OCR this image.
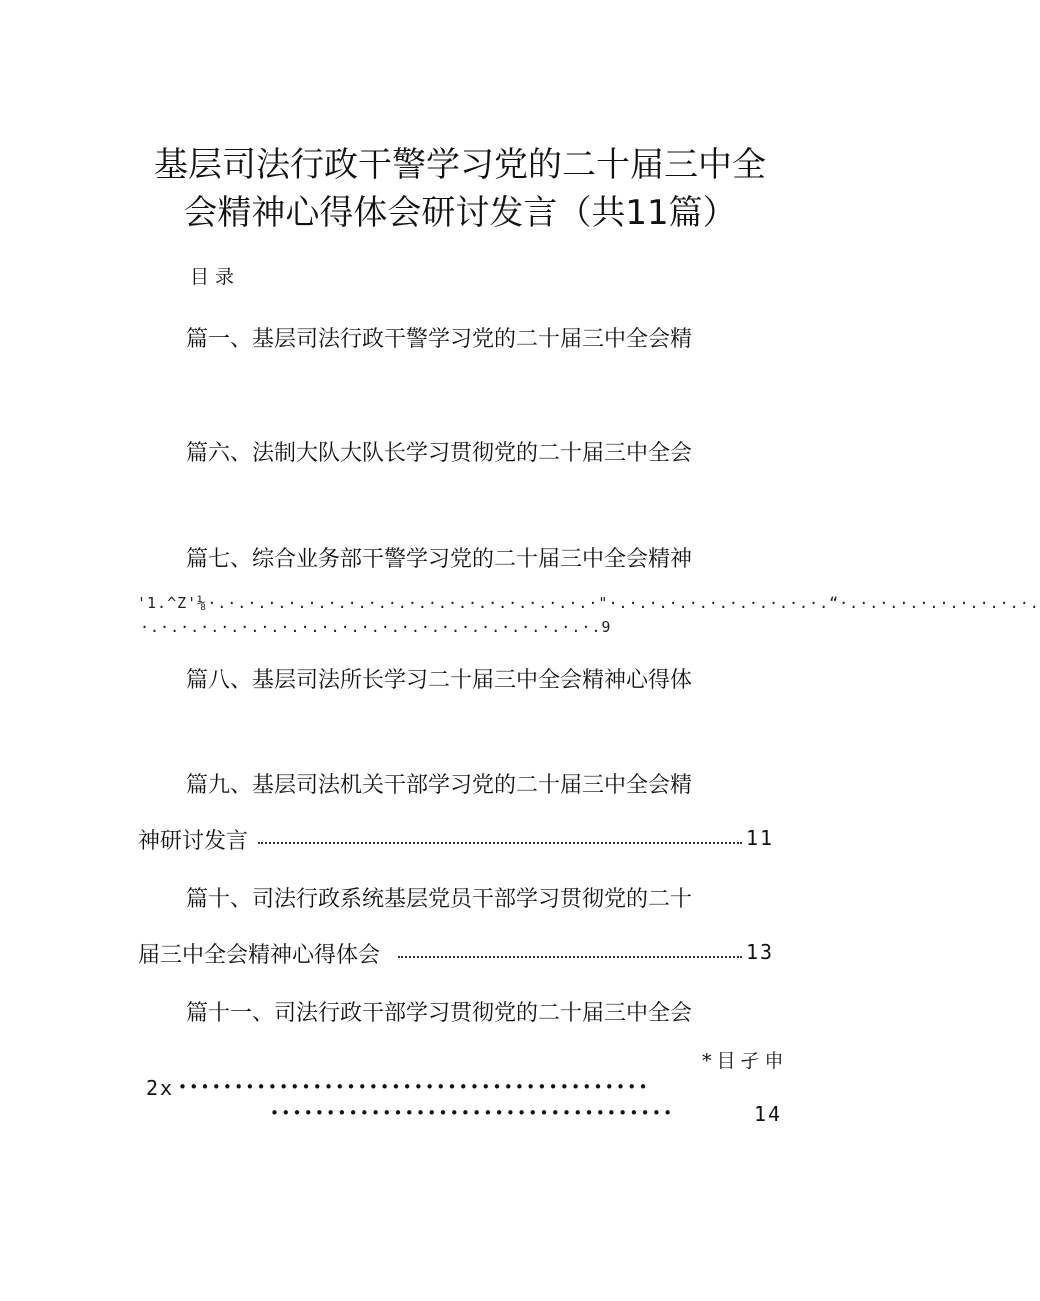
基层司法行政干警学习党的二十届三中全
会精神心得体会研讨发言（共11篇）
目录
篇一、基层司法行政干警学习党的二十届三中全会精
篇六、法制大队大队长学习贯彻党的二十届三中全会
篇七、综合业务部干警学习党的二十届三中全会精神
'1.^Z'⅛·.·.·.·.·.·.·.·.·.·.·.·.·.·.·.·.·.·.·.·"·.·.·.·.·.·.·.·.·.·.·.“·.·.·.·.·.·.·.·.·.·.
·.·.·.·.·.·.·.·.·.·.·.·.·.·.·.·.·.·.·.·.·.·.·.9
篇八、基层司法所长学习二十届三中全会精神心得体
篇九、基层司法机关干部学习党的二十届三中全会精
神研讨发言	11
篇十、司法行政系统基层党员干部学习贯彻党的二十
届三中全会精神心得体会	13
篇十一、司法行政干部学习贯彻党的二十届三中全会
*目孑申
2x ••••••••••••••••••••••••••••••••••••••••••
••••••••••••••••••••••••••••••••••••	14
